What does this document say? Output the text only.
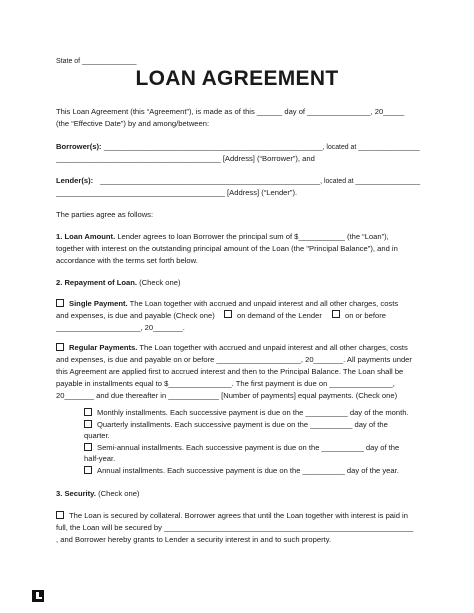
State of ______________
LOAN AGREEMENT
This Loan Agreement (this “Agreement”), is made as of this ______ day of _______________, 20_____
(the “Effective Date”) by and among/between:
Borrower(s): _________________________________________________________, located at ________________
_______________________________________ [Address] (“Borrower”), and
Lender(s): __________________________________________________________, located at _________________
________________________________________ [Address] (“Lender”).
The parties agree as follows:
1. Loan Amount. Lender agrees to loan Borrower the principal sum of $___________ (the “Loan”),
together with interest on the outstanding principal amount of the Loan (the "Principal Balance"), and in
accordance with the terms set forth below.
2. Repayment of Loan. (Check one)
Single Payment. The Loan together with accrued and unpaid interest and all other charges, costs
and expenses, is due and payable (Check one)	on demand of the Lender	on or before
____________________, 20_______.
Regular Payments. The Loan together with accrued and unpaid interest and all other charges, costs
and expenses, is due and payable on or before ____________________, 20_______. All payments under
this Agreement are applied first to accrued interest and then to the Principal Balance. The Loan shall be
payable in installments equal to $_______________. The first payment is due on _______________,
20_______ and due thereafter in ____________ [Number of payments] equal payments. (Check one)
Monthly installments. Each successive payment is due on the __________ day of the month.
Quarterly installments. Each successive payment is due on the __________ day of the
quarter.
Semi-annual installments. Each successive payment is due on the __________ day of the
half-year.
Annual installments. Each successive payment is due on the __________ day of the year.
3. Security. (Check one)
The Loan is secured by collateral. Borrower agrees that until the Loan together with interest is paid in
full, the Loan will be secured by ___________________________________________________________
, and Borrower hereby grants to Lender a security interest in and to such property.
